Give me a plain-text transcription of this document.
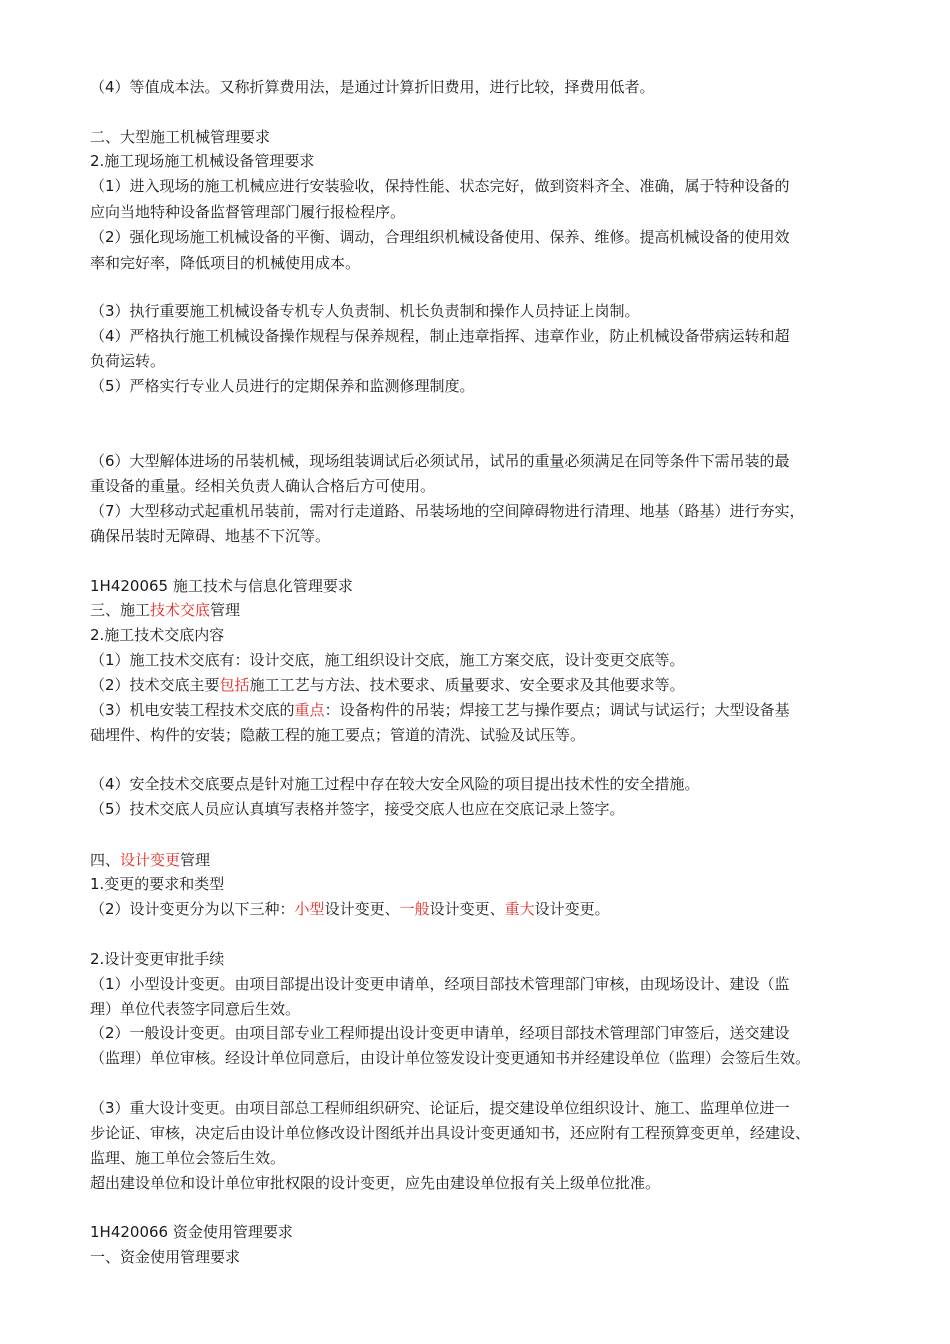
（4）等值成本法。又称折算费用法，是通过计算折旧费用，进行比较，择费用低者。

二、大型施工机械管理要求

2.施工现场施工机械设备管理要求

（1）进入现场的施工机械应进行安装验收，保持性能、状态完好，做到资料齐全、准确，属于特种设备的

应向当地特种设备监督管理部门履行报检程序。

（2）强化现场施工机械设备的平衡、调动，合理组织机械设备使用、保养、维修。提高机械设备的使用效

率和完好率，降低项目的机械使用成本。

（3）执行重要施工机械设备专机专人负责制、机长负责制和操作人员持证上岗制。

（4）严格执行施工机械设备操作规程与保养规程，制止违章指挥、违章作业，防止机械设备带病运转和超

负荷运转。

（5）严格实行专业人员进行的定期保养和监测修理制度。

（6）大型解体进场的吊装机械，现场组装调试后必须试吊，试吊的重量必须满足在同等条件下需吊装的最

重设备的重量。经相关负责人确认合格后方可使用。

（7）大型移动式起重机吊装前，需对行走道路、吊装场地的空间障碍物进行清理、地基（路基）进行夯实，

确保吊装时无障碍、地基不下沉等。

1H420065 施工技术与信息化管理要求

三、施工技术交底管理

2.施工技术交底内容

（1）施工技术交底有：设计交底，施工组织设计交底，施工方案交底，设计变更交底等。

（2）技术交底主要包括施工工艺与方法、技术要求、质量要求、安全要求及其他要求等。

（3）机电安装工程技术交底的重点：设备构件的吊装；焊接工艺与操作要点；调试与试运行；大型设备基

础埋件、构件的安装；隐蔽工程的施工要点；管道的清洗、试验及试压等。

（4）安全技术交底要点是针对施工过程中存在较大安全风险的项目提出技术性的安全措施。

（5）技术交底人员应认真填写表格并签字，接受交底人也应在交底记录上签字。

四、设计变更管理

1.变更的要求和类型

（2）设计变更分为以下三种：小型设计变更、一般设计变更、重大设计变更。

2.设计变更审批手续

（1）小型设计变更。由项目部提出设计变更申请单，经项目部技术管理部门审核，由现场设计、建设（监

理）单位代表签字同意后生效。

（2）一般设计变更。由项目部专业工程师提出设计变更申请单，经项目部技术管理部门审签后，送交建设

（监理）单位审核。经设计单位同意后，由设计单位签发设计变更通知书并经建设单位（监理）会签后生效。

（3）重大设计变更。由项目部总工程师组织研究、论证后，提交建设单位组织设计、施工、监理单位进一

步论证、审核，决定后由设计单位修改设计图纸并出具设计变更通知书，还应附有工程预算变更单，经建设、

监理、施工单位会签后生效。

超出建设单位和设计单位审批权限的设计变更，应先由建设单位报有关上级单位批准。

1H420066 资金使用管理要求

一、资金使用管理要求
